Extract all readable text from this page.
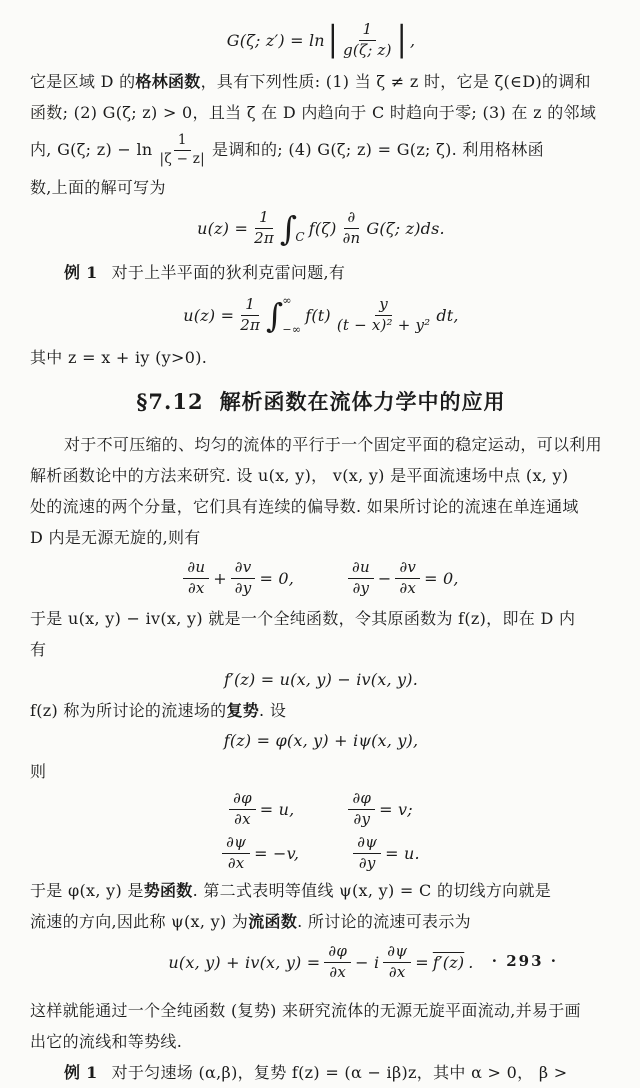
G(ζ; z′) = ln | $\frac{1}{g(\zeta; z)}$ | ,
它是区域 D 的格林函数，具有下列性质: (1) 当 ζ ≠ z 时，它是 ζ(∈D)的调和
函数; (2) G(ζ; z) > 0，且当 ζ 在 D 内趋向于 C 时趋向于零; (3) 在 z 的邻域
内, G(ζ; $z) - \ln \frac{1}{|\zeta - z|}$ 是调和的; (4) G(ζ; z) = G(z; ζ). 利用格林函
数,上面的解可写为
$u(z) = \frac{1}{2\pi}$ ∫
C f(ζ)
∂
∂n G(ζ; z)ds.
例 1 对于上半平面的狄利克雷问题,有
$u(z) = \frac{1}{2\pi}$ ∫ ∞
−∞
$f(t) \frac{y}{\text{(t − x)² + y²}}$ dt,
其中 z = x + iy (y>0).
§7.12 解析函数在流体力学中的应用
对于不可压缩的、均匀的流体的平行于一个固定平面的稳定运动，可以利用
解析函数论中的方法来研究. 设 u(x, y)， v(x, y) 是平面流速场中点 (x, y)
处的流速的两个分量，它们具有连续的偏导数. 如果所讨论的流速在单连通域
D 内是无源无旋的,则有
$\frac{\partial u}{\partial x} + \frac{\partial v}{\partial y} = 0$,	$\frac{\partial u}{\partial y} - \frac{\partial v}{\partial x} = 0$,
于是 u(x, y) − iv(x, y) 就是一个全纯函数，令其原函数为 f(z)，即在 D 内
有
f′(z) = u(x, y) − iv(x, y).
f(z) 称为所讨论的流速场的复势. 设
f(z) = φ(x, y) + iψ(x, y),
则
$\frac{\partial\varphi}{\partial x} = u$,	$\frac{\partial\varphi}{\partial y} = v$;
$\frac{\partial\psi}{\partial x} = -v$,	$\frac{\partial\psi}{\partial y} = u$.
于是 φ(x, y) 是势函数. 第二式表明等值线 ψ(x, y) = C 的切线方向就是
流速的方向,因此称 ψ(x, y) 为流函数. 所讨论的流速可表示为
u(x, y) + iv(x, $y) = \frac{\partial\varphi}{\partial x} - i \frac{\partial\psi}{\partial x} = f'(z)$ .
这样就能通过一个全纯函数 (复势) 来研究流体的无源无旋平面流动,并易于画
出它的流线和等势线.
例 1 对于匀速场 (α,β)，复势 f(z) = (α − iβ)z，其中 α > 0， β >
· 293 ·
